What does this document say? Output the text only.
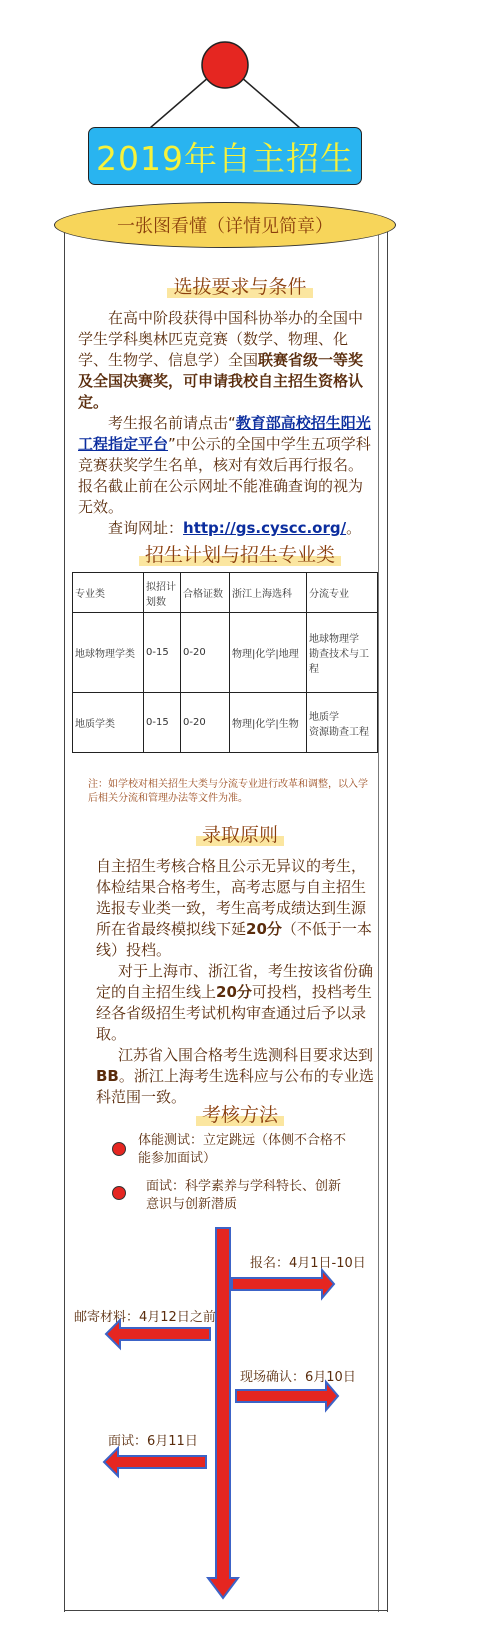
2019年自主招生
一张图看懂（详情见简章）
选拔要求与条件

在高中阶段获得中国科协举办的全国中学生学科奥林匹克竞赛（数学、物理、化学、生物学、信息学）全国联赛省级一等奖及全国决赛奖，可申请我校自主招生资格认定。

考生报名前请点击“教育部高校招生阳光工程指定平台”中公示的全国中学生五项学科竞赛获奖学生名单，核对有效后再行报名。报名截止前在公示网址不能准确查询的视为无效。

查询网址：http://gs.cyscc.org/。

招生计划与招生专业类
专业类	拟招计划数	合格证数	浙江上海选科	分流专业
地球物理学类	0-15	0-20	物理|化学|地理	地球物理学
勘查技术与工程

地质学类	0-15	0-20	物理|化学|生物	地质学
资源勘查工程
注：如学校对相关招生大类与分流专业进行改革和调整，以入学后相关分流和管理办法等文件为准。
录取原则

自主招生考核合格且公示无异议的考生，体检结果合格考生，高考志愿与自主招生选报专业类一致，考生高考成绩达到生源所在省最终模拟线下延20分（不低于一本线）投档。

对于上海市、浙江省，考生按该省份确定的自主招生线上20分可投档，投档考生经各省级招生考试机构审查通过后予以录取。

江苏省入围合格考生选测科目要求达到BB。浙江上海考生选科应与公布的专业选科范围一致。

考核方法
体能测试：立定跳远（体侧不合格不能参加面试）
面试：科学素养与学科特长、创新 意识与创新潜质
报名：4月1日-10日
邮寄材料：4月12日之前
现场确认：6月10日
面试：6月11日
